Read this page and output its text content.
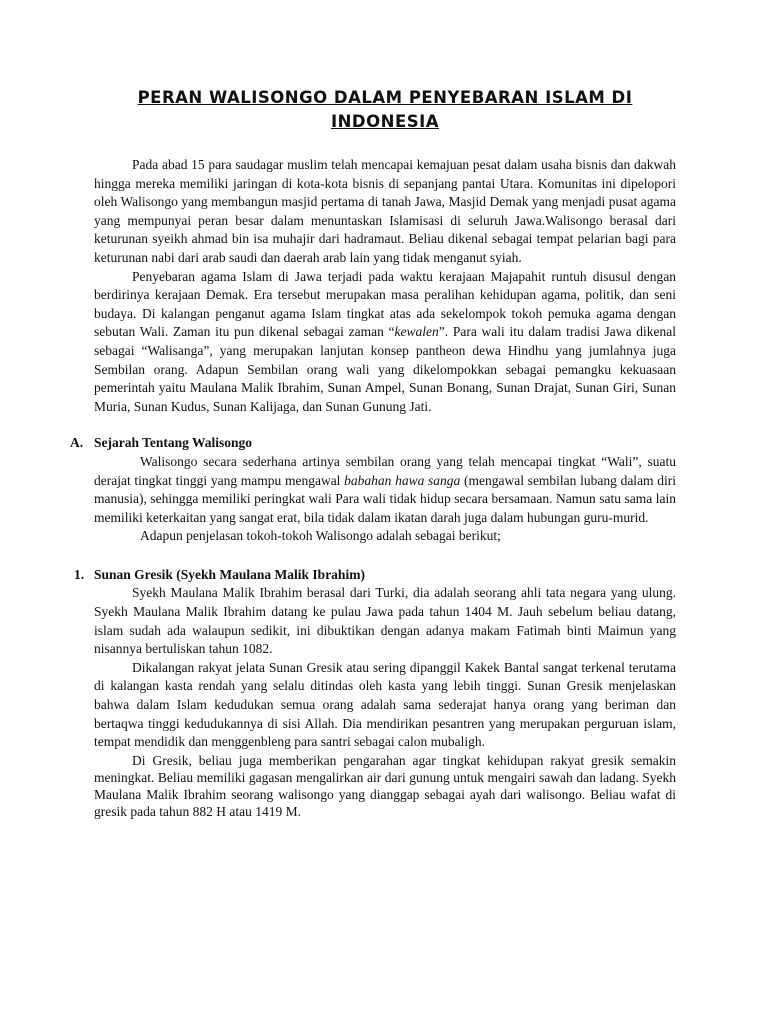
PERAN WALISONGO DALAM PENYEBARAN ISLAM DI INDONESIA

Pada abad 15 para saudagar muslim telah mencapai kemajuan pesat dalam usaha bisnis dan dakwah hingga mereka memiliki jaringan di kota-kota bisnis di sepanjang pantai Utara. Komunitas ini dipelopori oleh Walisongo yang membangun masjid pertama di tanah Jawa, Masjid Demak yang menjadi pusat agama yang mempunyai peran besar dalam menuntaskan Islamisasi di seluruh Jawa.Walisongo berasal dari keturunan syeikh ahmad bin isa muhajir dari hadramaut. Beliau dikenal sebagai tempat pelarian bagi para keturunan nabi dari arab saudi dan daerah arab lain yang tidak menganut syiah.

Penyebaran agama Islam di Jawa terjadi pada waktu kerajaan Majapahit runtuh disusul dengan berdirinya kerajaan Demak. Era tersebut merupakan masa peralihan kehidupan agama, politik, dan seni budaya. Di kalangan penganut agama Islam tingkat atas ada sekelompok tokoh pemuka agama dengan sebutan Wali. Zaman itu pun dikenal sebagai zaman “kewalen”. Para wali itu dalam tradisi Jawa dikenal sebagai “Walisanga”, yang merupakan lanjutan konsep pantheon dewa Hindhu yang jumlahnya juga Sembilan orang. Adapun Sembilan orang wali yang dikelompokkan sebagai pemangku kekuasaan pemerintah yaitu Maulana Malik Ibrahim, Sunan Ampel, Sunan Bonang, Sunan Drajat, Sunan Giri, Sunan Muria, Sunan Kudus, Sunan Kalijaga, dan Sunan Gunung Jati.

A. Sejarah Tentang Walisongo

Walisongo secara sederhana artinya sembilan orang yang telah mencapai tingkat “Wali”, suatu derajat tingkat tinggi yang mampu mengawal babahan hawa sanga (mengawal sembilan lubang dalam diri manusia), sehingga memiliki peringkat wali Para wali tidak hidup secara bersamaan. Namun satu sama lain memiliki keterkaitan yang sangat erat, bila tidak dalam ikatan darah juga dalam hubungan guru-murid.

Adapun penjelasan tokoh-tokoh Walisongo adalah sebagai berikut;

1. Sunan Gresik (Syekh Maulana Malik Ibrahim)

Syekh Maulana Malik Ibrahim berasal dari Turki, dia adalah seorang ahli tata negara yang ulung. Syekh Maulana Malik Ibrahim datang ke pulau Jawa pada tahun 1404 M. Jauh sebelum beliau datang, islam sudah ada walaupun sedikit, ini dibuktikan dengan adanya makam Fatimah binti Maimun yang nisannya bertuliskan tahun 1082.

Dikalangan rakyat jelata Sunan Gresik atau sering dipanggil Kakek Bantal sangat terkenal terutama di kalangan kasta rendah yang selalu ditindas oleh kasta yang lebih tinggi. Sunan Gresik menjelaskan bahwa dalam Islam kedudukan semua orang adalah sama sederajat hanya orang yang beriman dan bertaqwa tinggi kedudukannya di sisi Allah. Dia mendirikan pesantren yang merupakan perguruan islam, tempat mendidik dan menggenbleng para santri sebagai calon mubaligh.

Di Gresik, beliau juga memberikan pengarahan agar tingkat kehidupan rakyat gresik semakin meningkat. Beliau memiliki gagasan mengalirkan air dari gunung untuk mengairi sawah dan ladang. Syekh Maulana Malik Ibrahim seorang walisongo yang dianggap sebagai ayah dari walisongo. Beliau wafat di gresik pada tahun 882 H atau 1419 M.
